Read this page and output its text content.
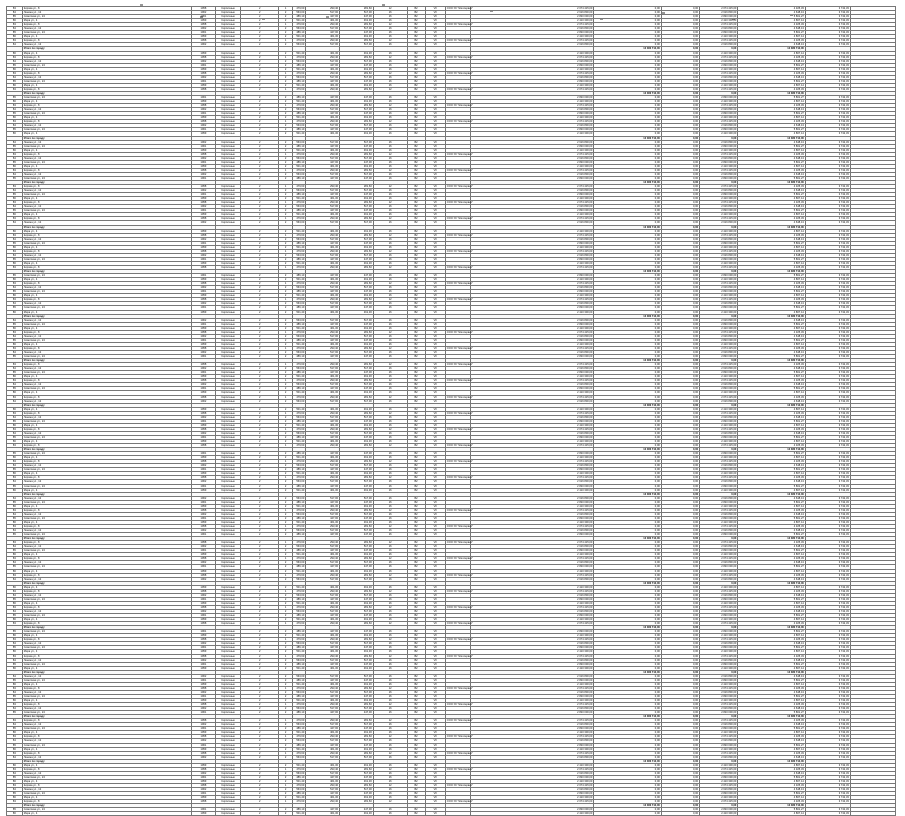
83	Кирова ул., 8	1958	Кирпичные	2	1	479,60	293,40	281,60	12	B2	VII	ООО УК "Жилсервис"	2 074 415,00	0,00	0,00	2 074 415,00	4 325,33	3 742,33	
84	Ленина ул., 12	1962	Кирпичные	2	2	563,00	517,00	517,00	16	B2	VII		2 616 800,00	0,00	0,00	2 616 800,00	4 648,13	3 742,33	
85	Советская ул., 24	1961	Кирпичные	2	2	486,10	447,00	447,00	16	B2	VII		2 820 000,00	0,00	0,00	2 820 000,00	5 801,27	3 742,33	
86	Мира ул., 4	1959	Кирпичные	2	2	501,40	461,30	461,30	16	B2	VII		2 410 300,00	0,00	0,00	2 410 300,00	4 807,14	3 742,33	
83	Кирова ул., 8	1958	Кирпичные	2	1	479,60	293,40	281,60	12	B2	VII	ООО УК "Жилсервис"	2 074 415,00	0,00	0,00	2 074 415,00	4 325,33	3 742,33	
84	Ленина ул., 12	1962	Кирпичные	2	2	563,00	517,00	517,00	16	B2	VII		2 616 800,00	0,00	0,00	2 616 800,00	4 648,13	3 742,33	
85	Советская ул., 24	1961	Кирпичные	2	2	486,10	447,00	447,00	16	B2	VII		2 820 000,00	0,00	0,00	2 820 000,00	5 801,27	3 742,33	
86	Мира ул., 4	1959	Кирпичные	2	2	501,40	461,30	461,30	16	B2	VII		2 410 300,00	0,00	0,00	2 410 300,00	4 807,14	3 742,33	
83	Кирова ул., 8	1958	Кирпичные	2	1	479,60	293,40	281,60	12	B2	VII	ООО УК "Жилсервис"	2 074 415,00	0,00	0,00	2 074 415,00	4 325,33	3 742,33	
84	Ленина ул., 12	1962	Кирпичные	2	2	563,00	517,00	517,00	16	B2	VII		2 616 800,00	0,00	0,00	2 616 800,00	4 648,13	3 742,33	
	Итого по городу													12 380 712,00	0,00	0,00	12 380 712,00		
86	Мира ул., 4	1959	Кирпичные	2	2	501,40	461,30	461,30	16	B2	VII		2 410 300,00	0,00	0,00	2 410 300,00	4 807,14	3 742,33	
83	Кирова ул., 8	1958	Кирпичные	2	1	479,60	293,40	281,60	12	B2	VII	ООО УК "Жилсервис"	2 074 415,00	0,00	0,00	2 074 415,00	4 325,33	3 742,33	
84	Ленина ул., 12	1962	Кирпичные	2	2	563,00	517,00	517,00	16	B2	VII		2 616 800,00	0,00	0,00	2 616 800,00	4 648,13	3 742,33	
85	Советская ул., 24	1961	Кирпичные	2	2	486,10	447,00	447,00	16	B2	VII		2 820 000,00	0,00	0,00	2 820 000,00	5 801,27	3 742,33	
86	Мира ул., 4	1959	Кирпичные	2	2	501,40	461,30	461,30	16	B2	VII		2 410 300,00	0,00	0,00	2 410 300,00	4 807,14	3 742,33	
83	Кирова ул., 8	1958	Кирпичные	2	1	479,60	293,40	281,60	12	B2	VII	ООО УК "Жилсервис"	2 074 415,00	0,00	0,00	2 074 415,00	4 325,33	3 742,33	
84	Ленина ул., 12	1962	Кирпичные	2	2	563,00	517,00	517,00	16	B2	VII		2 616 800,00	0,00	0,00	2 616 800,00	4 648,13	3 742,33	
85	Советская ул., 24	1961	Кирпичные	2	2	486,10	447,00	447,00	16	B2	VII		2 820 000,00	0,00	0,00	2 820 000,00	5 801,27	3 742,33	
86	Мира ул., 4	1959	Кирпичные	2	2	501,40	461,30	461,30	16	B2	VII		2 410 300,00	0,00	0,00	2 410 300,00	4 807,14	3 742,33	
83	Кирова ул., 8	1958	Кирпичные	2	1	479,60	293,40	281,60	12	B2	VII	ООО УК "Жилсервис"	2 074 415,00	0,00	0,00	2 074 415,00	4 325,33	3 742,33	
	Итого по городу													12 380 712,00	0,00	0,00	12 380 712,00		
85	Советская ул., 24	1961	Кирпичные	2	2	486,10	447,00	447,00	16	B2	VII		2 820 000,00	0,00	0,00	2 820 000,00	5 801,27	3 742,33	
86	Мира ул., 4	1959	Кирпичные	2	2	501,40	461,30	461,30	16	B2	VII		2 410 300,00	0,00	0,00	2 410 300,00	4 807,14	3 742,33	
83	Кирова ул., 8	1958	Кирпичные	2	1	479,60	293,40	281,60	12	B2	VII	ООО УК "Жилсервис"	2 074 415,00	0,00	0,00	2 074 415,00	4 325,33	3 742,33	
84	Ленина ул., 12	1962	Кирпичные	2	2	563,00	517,00	517,00	16	B2	VII		2 616 800,00	0,00	0,00	2 616 800,00	4 648,13	3 742,33	
85	Советская ул., 24	1961	Кирпичные	2	2	486,10	447,00	447,00	16	B2	VII		2 820 000,00	0,00	0,00	2 820 000,00	5 801,27	3 742,33	
86	Мира ул., 4	1959	Кирпичные	2	2	501,40	461,30	461,30	16	B2	VII		2 410 300,00	0,00	0,00	2 410 300,00	4 807,14	3 742,33	
83	Кирова ул., 8	1958	Кирпичные	2	1	479,60	293,40	281,60	12	B2	VII	ООО УК "Жилсервис"	2 074 415,00	0,00	0,00	2 074 415,00	4 325,33	3 742,33	
84	Ленина ул., 12	1962	Кирпичные	2	2	563,00	517,00	517,00	16	B2	VII		2 616 800,00	0,00	0,00	2 616 800,00	4 648,13	3 742,33	
85	Советская ул., 24	1961	Кирпичные	2	2	486,10	447,00	447,00	16	B2	VII		2 820 000,00	0,00	0,00	2 820 000,00	5 801,27	3 742,33	
86	Мира ул., 4	1959	Кирпичные	2	2	501,40	461,30	461,30	16	B2	VII		2 410 300,00	0,00	0,00	2 410 300,00	4 807,14	3 742,33	
	Итого по городу													12 380 712,00	0,00	0,00	12 380 712,00		
84	Ленина ул., 12	1962	Кирпичные	2	2	563,00	517,00	517,00	16	B2	VII		2 616 800,00	0,00	0,00	2 616 800,00	4 648,13	3 742,33	
85	Советская ул., 24	1961	Кирпичные	2	2	486,10	447,00	447,00	16	B2	VII		2 820 000,00	0,00	0,00	2 820 000,00	5 801,27	3 742,33	
86	Мира ул., 4	1959	Кирпичные	2	2	501,40	461,30	461,30	16	B2	VII		2 410 300,00	0,00	0,00	2 410 300,00	4 807,14	3 742,33	
83	Кирова ул., 8	1958	Кирпичные	2	1	479,60	293,40	281,60	12	B2	VII	ООО УК "Жилсервис"	2 074 415,00	0,00	0,00	2 074 415,00	4 325,33	3 742,33	
84	Ленина ул., 12	1962	Кирпичные	2	2	563,00	517,00	517,00	16	B2	VII		2 616 800,00	0,00	0,00	2 616 800,00	4 648,13	3 742,33	
85	Советская ул., 24	1961	Кирпичные	2	2	486,10	447,00	447,00	16	B2	VII		2 820 000,00	0,00	0,00	2 820 000,00	5 801,27	3 742,33	
86	Мира ул., 4	1959	Кирпичные	2	2	501,40	461,30	461,30	16	B2	VII		2 410 300,00	0,00	0,00	2 410 300,00	4 807,14	3 742,33	
83	Кирова ул., 8	1958	Кирпичные	2	1	479,60	293,40	281,60	12	B2	VII	ООО УК "Жилсервис"	2 074 415,00	0,00	0,00	2 074 415,00	4 325,33	3 742,33	
84	Ленина ул., 12	1962	Кирпичные	2	2	563,00	517,00	517,00	16	B2	VII		2 616 800,00	0,00	0,00	2 616 800,00	4 648,13	3 742,33	
85	Советская ул., 24	1961	Кирпичные	2	2	486,10	447,00	447,00	16	B2	VII		2 820 000,00	0,00	0,00	2 820 000,00	5 801,27	3 742,33	
	Итого по городу													12 380 712,00	0,00	0,00	12 380 712,00		
83	Кирова ул., 8	1958	Кирпичные	2	1	479,60	293,40	281,60	12	B2	VII	ООО УК "Жилсервис"	2 074 415,00	0,00	0,00	2 074 415,00	4 325,33	3 742,33	
84	Ленина ул., 12	1962	Кирпичные	2	2	563,00	517,00	517,00	16	B2	VII		2 616 800,00	0,00	0,00	2 616 800,00	4 648,13	3 742,33	
85	Советская ул., 24	1961	Кирпичные	2	2	486,10	447,00	447,00	16	B2	VII		2 820 000,00	0,00	0,00	2 820 000,00	5 801,27	3 742,33	
86	Мира ул., 4	1959	Кирпичные	2	2	501,40	461,30	461,30	16	B2	VII		2 410 300,00	0,00	0,00	2 410 300,00	4 807,14	3 742,33	
83	Кирова ул., 8	1958	Кирпичные	2	1	479,60	293,40	281,60	12	B2	VII	ООО УК "Жилсервис"	2 074 415,00	0,00	0,00	2 074 415,00	4 325,33	3 742,33	
84	Ленина ул., 12	1962	Кирпичные	2	2	563,00	517,00	517,00	16	B2	VII		2 616 800,00	0,00	0,00	2 616 800,00	4 648,13	3 742,33	
85	Советская ул., 24	1961	Кирпичные	2	2	486,10	447,00	447,00	16	B2	VII		2 820 000,00	0,00	0,00	2 820 000,00	5 801,27	3 742,33	
86	Мира ул., 4	1959	Кирпичные	2	2	501,40	461,30	461,30	16	B2	VII		2 410 300,00	0,00	0,00	2 410 300,00	4 807,14	3 742,33	
83	Кирова ул., 8	1958	Кирпичные	2	1	479,60	293,40	281,60	12	B2	VII	ООО УК "Жилсервис"	2 074 415,00	0,00	0,00	2 074 415,00	4 325,33	3 742,33	
84	Ленина ул., 12	1962	Кирпичные	2	2	563,00	517,00	517,00	16	B2	VII		2 616 800,00	0,00	0,00	2 616 800,00	4 648,13	3 742,33	
	Итого по городу													12 380 712,00	0,00	0,00	12 380 712,00		
86	Мира ул., 4	1959	Кирпичные	2	2	501,40	461,30	461,30	16	B2	VII		2 410 300,00	0,00	0,00	2 410 300,00	4 807,14	3 742,33	
83	Кирова ул., 8	1958	Кирпичные	2	1	479,60	293,40	281,60	12	B2	VII	ООО УК "Жилсервис"	2 074 415,00	0,00	0,00	2 074 415,00	4 325,33	3 742,33	
84	Ленина ул., 12	1962	Кирпичные	2	2	563,00	517,00	517,00	16	B2	VII		2 616 800,00	0,00	0,00	2 616 800,00	4 648,13	3 742,33	
85	Советская ул., 24	1961	Кирпичные	2	2	486,10	447,00	447,00	16	B2	VII		2 820 000,00	0,00	0,00	2 820 000,00	5 801,27	3 742,33	
86	Мира ул., 4	1959	Кирпичные	2	2	501,40	461,30	461,30	16	B2	VII		2 410 300,00	0,00	0,00	2 410 300,00	4 807,14	3 742,33	
83	Кирова ул., 8	1958	Кирпичные	2	1	479,60	293,40	281,60	12	B2	VII	ООО УК "Жилсервис"	2 074 415,00	0,00	0,00	2 074 415,00	4 325,33	3 742,33	
84	Ленина ул., 12	1962	Кирпичные	2	2	563,00	517,00	517,00	16	B2	VII		2 616 800,00	0,00	0,00	2 616 800,00	4 648,13	3 742,33	
85	Советская ул., 24	1961	Кирпичные	2	2	486,10	447,00	447,00	16	B2	VII		2 820 000,00	0,00	0,00	2 820 000,00	5 801,27	3 742,33	
86	Мира ул., 4	1959	Кирпичные	2	2	501,40	461,30	461,30	16	B2	VII		2 410 300,00	0,00	0,00	2 410 300,00	4 807,14	3 742,33	
83	Кирова ул., 8	1958	Кирпичные	2	1	479,60	293,40	281,60	12	B2	VII	ООО УК "Жилсервис"	2 074 415,00	0,00	0,00	2 074 415,00	4 325,33	3 742,33	
	Итого по городу													12 380 712,00	0,00	0,00	12 380 712,00		
85	Советская ул., 24	1961	Кирпичные	2	2	486,10	447,00	447,00	16	B2	VII		2 820 000,00	0,00	0,00	2 820 000,00	5 801,27	3 742,33	
86	Мира ул., 4	1959	Кирпичные	2	2	501,40	461,30	461,30	16	B2	VII		2 410 300,00	0,00	0,00	2 410 300,00	4 807,14	3 742,33	
83	Кирова ул., 8	1958	Кирпичные	2	1	479,60	293,40	281,60	12	B2	VII	ООО УК "Жилсервис"	2 074 415,00	0,00	0,00	2 074 415,00	4 325,33	3 742,33	
84	Ленина ул., 12	1962	Кирпичные	2	2	563,00	517,00	517,00	16	B2	VII		2 616 800,00	0,00	0,00	2 616 800,00	4 648,13	3 742,33	
85	Советская ул., 24	1961	Кирпичные	2	2	486,10	447,00	447,00	16	B2	VII		2 820 000,00	0,00	0,00	2 820 000,00	5 801,27	3 742,33	
86	Мира ул., 4	1959	Кирпичные	2	2	501,40	461,30	461,30	16	B2	VII		2 410 300,00	0,00	0,00	2 410 300,00	4 807,14	3 742,33	
83	Кирова ул., 8	1958	Кирпичные	2	1	479,60	293,40	281,60	12	B2	VII	ООО УК "Жилсервис"	2 074 415,00	0,00	0,00	2 074 415,00	4 325,33	3 742,33	
84	Ленина ул., 12	1962	Кирпичные	2	2	563,00	517,00	517,00	16	B2	VII		2 616 800,00	0,00	0,00	2 616 800,00	4 648,13	3 742,33	
85	Советская ул., 24	1961	Кирпичные	2	2	486,10	447,00	447,00	16	B2	VII		2 820 000,00	0,00	0,00	2 820 000,00	5 801,27	3 742,33	
86	Мира ул., 4	1959	Кирпичные	2	2	501,40	461,30	461,30	16	B2	VII		2 410 300,00	0,00	0,00	2 410 300,00	4 807,14	3 742,33	
	Итого по городу													12 380 712,00	0,00	0,00	12 380 712,00		
84	Ленина ул., 12	1962	Кирпичные	2	2	563,00	517,00	517,00	16	B2	VII		2 616 800,00	0,00	0,00	2 616 800,00	4 648,13	3 742,33	
85	Советская ул., 24	1961	Кирпичные	2	2	486,10	447,00	447,00	16	B2	VII		2 820 000,00	0,00	0,00	2 820 000,00	5 801,27	3 742,33	
86	Мира ул., 4	1959	Кирпичные	2	2	501,40	461,30	461,30	16	B2	VII		2 410 300,00	0,00	0,00	2 410 300,00	4 807,14	3 742,33	
83	Кирова ул., 8	1958	Кирпичные	2	1	479,60	293,40	281,60	12	B2	VII	ООО УК "Жилсервис"	2 074 415,00	0,00	0,00	2 074 415,00	4 325,33	3 742,33	
84	Ленина ул., 12	1962	Кирпичные	2	2	563,00	517,00	517,00	16	B2	VII		2 616 800,00	0,00	0,00	2 616 800,00	4 648,13	3 742,33	
85	Советская ул., 24	1961	Кирпичные	2	2	486,10	447,00	447,00	16	B2	VII		2 820 000,00	0,00	0,00	2 820 000,00	5 801,27	3 742,33	
86	Мира ул., 4	1959	Кирпичные	2	2	501,40	461,30	461,30	16	B2	VII		2 410 300,00	0,00	0,00	2 410 300,00	4 807,14	3 742,33	
83	Кирова ул., 8	1958	Кирпичные	2	1	479,60	293,40	281,60	12	B2	VII	ООО УК "Жилсервис"	2 074 415,00	0,00	0,00	2 074 415,00	4 325,33	3 742,33	
84	Ленина ул., 12	1962	Кирпичные	2	2	563,00	517,00	517,00	16	B2	VII		2 616 800,00	0,00	0,00	2 616 800,00	4 648,13	3 742,33	
85	Советская ул., 24	1961	Кирпичные	2	2	486,10	447,00	447,00	16	B2	VII		2 820 000,00	0,00	0,00	2 820 000,00	5 801,27	3 742,33	
	Итого по городу													12 380 712,00	0,00	0,00	12 380 712,00		
83	Кирова ул., 8	1958	Кирпичные	2	1	479,60	293,40	281,60	12	B2	VII	ООО УК "Жилсервис"	2 074 415,00	0,00	0,00	2 074 415,00	4 325,33	3 742,33	
84	Ленина ул., 12	1962	Кирпичные	2	2	563,00	517,00	517,00	16	B2	VII		2 616 800,00	0,00	0,00	2 616 800,00	4 648,13	3 742,33	
85	Советская ул., 24	1961	Кирпичные	2	2	486,10	447,00	447,00	16	B2	VII		2 820 000,00	0,00	0,00	2 820 000,00	5 801,27	3 742,33	
86	Мира ул., 4	1959	Кирпичные	2	2	501,40	461,30	461,30	16	B2	VII		2 410 300,00	0,00	0,00	2 410 300,00	4 807,14	3 742,33	
83	Кирова ул., 8	1958	Кирпичные	2	1	479,60	293,40	281,60	12	B2	VII	ООО УК "Жилсервис"	2 074 415,00	0,00	0,00	2 074 415,00	4 325,33	3 742,33	
84	Ленина ул., 12	1962	Кирпичные	2	2	563,00	517,00	517,00	16	B2	VII		2 616 800,00	0,00	0,00	2 616 800,00	4 648,13	3 742,33	
85	Советская ул., 24	1961	Кирпичные	2	2	486,10	447,00	447,00	16	B2	VII		2 820 000,00	0,00	0,00	2 820 000,00	5 801,27	3 742,33	
86	Мира ул., 4	1959	Кирпичные	2	2	501,40	461,30	461,30	16	B2	VII		2 410 300,00	0,00	0,00	2 410 300,00	4 807,14	3 742,33	
83	Кирова ул., 8	1958	Кирпичные	2	1	479,60	293,40	281,60	12	B2	VII	ООО УК "Жилсервис"	2 074 415,00	0,00	0,00	2 074 415,00	4 325,33	3 742,33	
84	Ленина ул., 12	1962	Кирпичные	2	2	563,00	517,00	517,00	16	B2	VII		2 616 800,00	0,00	0,00	2 616 800,00	4 648,13	3 742,33	
	Итого по городу													12 380 712,00	0,00	0,00	12 380 712,00		
86	Мира ул., 4	1959	Кирпичные	2	2	501,40	461,30	461,30	16	B2	VII		2 410 300,00	0,00	0,00	2 410 300,00	4 807,14	3 742,33	
83	Кирова ул., 8	1958	Кирпичные	2	1	479,60	293,40	281,60	12	B2	VII	ООО УК "Жилсервис"	2 074 415,00	0,00	0,00	2 074 415,00	4 325,33	3 742,33	
84	Ленина ул., 12	1962	Кирпичные	2	2	563,00	517,00	517,00	16	B2	VII		2 616 800,00	0,00	0,00	2 616 800,00	4 648,13	3 742,33	
85	Советская ул., 24	1961	Кирпичные	2	2	486,10	447,00	447,00	16	B2	VII		2 820 000,00	0,00	0,00	2 820 000,00	5 801,27	3 742,33	
86	Мира ул., 4	1959	Кирпичные	2	2	501,40	461,30	461,30	16	B2	VII		2 410 300,00	0,00	0,00	2 410 300,00	4 807,14	3 742,33	
83	Кирова ул., 8	1958	Кирпичные	2	1	479,60	293,40	281,60	12	B2	VII	ООО УК "Жилсервис"	2 074 415,00	0,00	0,00	2 074 415,00	4 325,33	3 742,33	
84	Ленина ул., 12	1962	Кирпичные	2	2	563,00	517,00	517,00	16	B2	VII		2 616 800,00	0,00	0,00	2 616 800,00	4 648,13	3 742,33	
85	Советская ул., 24	1961	Кирпичные	2	2	486,10	447,00	447,00	16	B2	VII		2 820 000,00	0,00	0,00	2 820 000,00	5 801,27	3 742,33	
86	Мира ул., 4	1959	Кирпичные	2	2	501,40	461,30	461,30	16	B2	VII		2 410 300,00	0,00	0,00	2 410 300,00	4 807,14	3 742,33	
83	Кирова ул., 8	1958	Кирпичные	2	1	479,60	293,40	281,60	12	B2	VII	ООО УК "Жилсервис"	2 074 415,00	0,00	0,00	2 074 415,00	4 325,33	3 742,33	
	Итого по городу													12 380 712,00	0,00	0,00	12 380 712,00		
85	Советская ул., 24	1961	Кирпичные	2	2	486,10	447,00	447,00	16	B2	VII		2 820 000,00	0,00	0,00	2 820 000,00	5 801,27	3 742,33	
86	Мира ул., 4	1959	Кирпичные	2	2	501,40	461,30	461,30	16	B2	VII		2 410 300,00	0,00	0,00	2 410 300,00	4 807,14	3 742,33	
83	Кирова ул., 8	1958	Кирпичные	2	1	479,60	293,40	281,60	12	B2	VII	ООО УК "Жилсервис"	2 074 415,00	0,00	0,00	2 074 415,00	4 325,33	3 742,33	
84	Ленина ул., 12	1962	Кирпичные	2	2	563,00	517,00	517,00	16	B2	VII		2 616 800,00	0,00	0,00	2 616 800,00	4 648,13	3 742,33	
85	Советская ул., 24	1961	Кирпичные	2	2	486,10	447,00	447,00	16	B2	VII		2 820 000,00	0,00	0,00	2 820 000,00	5 801,27	3 742,33	
86	Мира ул., 4	1959	Кирпичные	2	2	501,40	461,30	461,30	16	B2	VII		2 410 300,00	0,00	0,00	2 410 300,00	4 807,14	3 742,33	
83	Кирова ул., 8	1958	Кирпичные	2	1	479,60	293,40	281,60	12	B2	VII	ООО УК "Жилсервис"	2 074 415,00	0,00	0,00	2 074 415,00	4 325,33	3 742,33	
84	Ленина ул., 12	1962	Кирпичные	2	2	563,00	517,00	517,00	16	B2	VII		2 616 800,00	0,00	0,00	2 616 800,00	4 648,13	3 742,33	
85	Советская ул., 24	1961	Кирпичные	2	2	486,10	447,00	447,00	16	B2	VII		2 820 000,00	0,00	0,00	2 820 000,00	5 801,27	3 742,33	
86	Мира ул., 4	1959	Кирпичные	2	2	501,40	461,30	461,30	16	B2	VII		2 410 300,00	0,00	0,00	2 410 300,00	4 807,14	3 742,33	
	Итого по городу													12 380 712,00	0,00	0,00	12 380 712,00		
84	Ленина ул., 12	1962	Кирпичные	2	2	563,00	517,00	517,00	16	B2	VII		2 616 800,00	0,00	0,00	2 616 800,00	4 648,13	3 742,33	
85	Советская ул., 24	1961	Кирпичные	2	2	486,10	447,00	447,00	16	B2	VII		2 820 000,00	0,00	0,00	2 820 000,00	5 801,27	3 742,33	
86	Мира ул., 4	1959	Кирпичные	2	2	501,40	461,30	461,30	16	B2	VII		2 410 300,00	0,00	0,00	2 410 300,00	4 807,14	3 742,33	
83	Кирова ул., 8	1958	Кирпичные	2	1	479,60	293,40	281,60	12	B2	VII	ООО УК "Жилсервис"	2 074 415,00	0,00	0,00	2 074 415,00	4 325,33	3 742,33	
84	Ленина ул., 12	1962	Кирпичные	2	2	563,00	517,00	517,00	16	B2	VII		2 616 800,00	0,00	0,00	2 616 800,00	4 648,13	3 742,33	
85	Советская ул., 24	1961	Кирпичные	2	2	486,10	447,00	447,00	16	B2	VII		2 820 000,00	0,00	0,00	2 820 000,00	5 801,27	3 742,33	
86	Мира ул., 4	1959	Кирпичные	2	2	501,40	461,30	461,30	16	B2	VII		2 410 300,00	0,00	0,00	2 410 300,00	4 807,14	3 742,33	
83	Кирова ул., 8	1958	Кирпичные	2	1	479,60	293,40	281,60	12	B2	VII	ООО УК "Жилсервис"	2 074 415,00	0,00	0,00	2 074 415,00	4 325,33	3 742,33	
84	Ленина ул., 12	1962	Кирпичные	2	2	563,00	517,00	517,00	16	B2	VII		2 616 800,00	0,00	0,00	2 616 800,00	4 648,13	3 742,33	
85	Советская ул., 24	1961	Кирпичные	2	2	486,10	447,00	447,00	16	B2	VII		2 820 000,00	0,00	0,00	2 820 000,00	5 801,27	3 742,33	
	Итого по городу													12 380 712,00	0,00	0,00	12 380 712,00		
83	Кирова ул., 8	1958	Кирпичные	2	1	479,60	293,40	281,60	12	B2	VII	ООО УК "Жилсервис"	2 074 415,00	0,00	0,00	2 074 415,00	4 325,33	3 742,33	
84	Ленина ул., 12	1962	Кирпичные	2	2	563,00	517,00	517,00	16	B2	VII		2 616 800,00	0,00	0,00	2 616 800,00	4 648,13	3 742,33	
85	Советская ул., 24	1961	Кирпичные	2	2	486,10	447,00	447,00	16	B2	VII		2 820 000,00	0,00	0,00	2 820 000,00	5 801,27	3 742,33	
86	Мира ул., 4	1959	Кирпичные	2	2	501,40	461,30	461,30	16	B2	VII		2 410 300,00	0,00	0,00	2 410 300,00	4 807,14	3 742,33	
83	Кирова ул., 8	1958	Кирпичные	2	1	479,60	293,40	281,60	12	B2	VII	ООО УК "Жилсервис"	2 074 415,00	0,00	0,00	2 074 415,00	4 325,33	3 742,33	
84	Ленина ул., 12	1962	Кирпичные	2	2	563,00	517,00	517,00	16	B2	VII		2 616 800,00	0,00	0,00	2 616 800,00	4 648,13	3 742,33	
85	Советская ул., 24	1961	Кирпичные	2	2	486,10	447,00	447,00	16	B2	VII		2 820 000,00	0,00	0,00	2 820 000,00	5 801,27	3 742,33	
86	Мира ул., 4	1959	Кирпичные	2	2	501,40	461,30	461,30	16	B2	VII		2 410 300,00	0,00	0,00	2 410 300,00	4 807,14	3 742,33	
83	Кирова ул., 8	1958	Кирпичные	2	1	479,60	293,40	281,60	12	B2	VII	ООО УК "Жилсервис"	2 074 415,00	0,00	0,00	2 074 415,00	4 325,33	3 742,33	
84	Ленина ул., 12	1962	Кирпичные	2	2	563,00	517,00	517,00	16	B2	VII		2 616 800,00	0,00	0,00	2 616 800,00	4 648,13	3 742,33	
	Итого по городу													12 380 712,00	0,00	0,00	12 380 712,00		
86	Мира ул., 4	1959	Кирпичные	2	2	501,40	461,30	461,30	16	B2	VII		2 410 300,00	0,00	0,00	2 410 300,00	4 807,14	3 742,33	
83	Кирова ул., 8	1958	Кирпичные	2	1	479,60	293,40	281,60	12	B2	VII	ООО УК "Жилсервис"	2 074 415,00	0,00	0,00	2 074 415,00	4 325,33	3 742,33	
84	Ленина ул., 12	1962	Кирпичные	2	2	563,00	517,00	517,00	16	B2	VII		2 616 800,00	0,00	0,00	2 616 800,00	4 648,13	3 742,33	
85	Советская ул., 24	1961	Кирпичные	2	2	486,10	447,00	447,00	16	B2	VII		2 820 000,00	0,00	0,00	2 820 000,00	5 801,27	3 742,33	
86	Мира ул., 4	1959	Кирпичные	2	2	501,40	461,30	461,30	16	B2	VII		2 410 300,00	0,00	0,00	2 410 300,00	4 807,14	3 742,33	
83	Кирова ул., 8	1958	Кирпичные	2	1	479,60	293,40	281,60	12	B2	VII	ООО УК "Жилсервис"	2 074 415,00	0,00	0,00	2 074 415,00	4 325,33	3 742,33	
84	Ленина ул., 12	1962	Кирпичные	2	2	563,00	517,00	517,00	16	B2	VII		2 616 800,00	0,00	0,00	2 616 800,00	4 648,13	3 742,33	
85	Советская ул., 24	1961	Кирпичные	2	2	486,10	447,00	447,00	16	B2	VII		2 820 000,00	0,00	0,00	2 820 000,00	5 801,27	3 742,33	
86	Мира ул., 4	1959	Кирпичные	2	2	501,40	461,30	461,30	16	B2	VII		2 410 300,00	0,00	0,00	2 410 300,00	4 807,14	3 742,33	
83	Кирова ул., 8	1958	Кирпичные	2	1	479,60	293,40	281,60	12	B2	VII	ООО УК "Жилсервис"	2 074 415,00	0,00	0,00	2 074 415,00	4 325,33	3 742,33	
	Итого по городу													12 380 712,00	0,00	0,00	12 380 712,00		
85	Советская ул., 24	1961	Кирпичные	2	2	486,10	447,00	447,00	16	B2	VII		2 820 000,00	0,00	0,00	2 820 000,00	5 801,27	3 742,33	
86	Мира ул., 4	1959	Кирпичные	2	2	501,40	461,30	461,30	16	B2	VII		2 410 300,00	0,00	0,00	2 410 300,00	4 807,14	3 742,33	
83	Кирова ул., 8	1958	Кирпичные	2	1	479,60	293,40	281,60	12	B2	VII	ООО УК "Жилсервис"	2 074 415,00	0,00	0,00	2 074 415,00	4 325,33	3 742,33	
84	Ленина ул., 12	1962	Кирпичные	2	2	563,00	517,00	517,00	16	B2	VII		2 616 800,00	0,00	0,00	2 616 800,00	4 648,13	3 742,33	
85	Советская ул., 24	1961	Кирпичные	2	2	486,10	447,00	447,00	16	B2	VII		2 820 000,00	0,00	0,00	2 820 000,00	5 801,27	3 742,33	
86	Мира ул., 4	1959	Кирпичные	2	2	501,40	461,30	461,30	16	B2	VII		2 410 300,00	0,00	0,00	2 410 300,00	4 807,14	3 742,33	
83	Кирова ул., 8	1958	Кирпичные	2	1	479,60	293,40	281,60	12	B2	VII	ООО УК "Жилсервис"	2 074 415,00	0,00	0,00	2 074 415,00	4 325,33	3 742,33	
84	Ленина ул., 12	1962	Кирпичные	2	2	563,00	517,00	517,00	16	B2	VII		2 616 800,00	0,00	0,00	2 616 800,00	4 648,13	3 742,33	
85	Советская ул., 24	1961	Кирпичные	2	2	486,10	447,00	447,00	16	B2	VII		2 820 000,00	0,00	0,00	2 820 000,00	5 801,27	3 742,33	
86	Мира ул., 4	1959	Кирпичные	2	2	501,40	461,30	461,30	16	B2	VII		2 410 300,00	0,00	0,00	2 410 300,00	4 807,14	3 742,33	
	Итого по городу													12 380 712,00	0,00	0,00	12 380 712,00		
84	Ленина ул., 12	1962	Кирпичные	2	2	563,00	517,00	517,00	16	B2	VII		2 616 800,00	0,00	0,00	2 616 800,00	4 648,13	3 742,33	
85	Советская ул., 24	1961	Кирпичные	2	2	486,10	447,00	447,00	16	B2	VII		2 820 000,00	0,00	0,00	2 820 000,00	5 801,27	3 742,33	
86	Мира ул., 4	1959	Кирпичные	2	2	501,40	461,30	461,30	16	B2	VII		2 410 300,00	0,00	0,00	2 410 300,00	4 807,14	3 742,33	
83	Кирова ул., 8	1958	Кирпичные	2	1	479,60	293,40	281,60	12	B2	VII	ООО УК "Жилсервис"	2 074 415,00	0,00	0,00	2 074 415,00	4 325,33	3 742,33	
84	Ленина ул., 12	1962	Кирпичные	2	2	563,00	517,00	517,00	16	B2	VII		2 616 800,00	0,00	0,00	2 616 800,00	4 648,13	3 742,33	
85	Советская ул., 24	1961	Кирпичные	2	2	486,10	447,00	447,00	16	B2	VII		2 820 000,00	0,00	0,00	2 820 000,00	5 801,27	3 742,33	
86	Мира ул., 4	1959	Кирпичные	2	2	501,40	461,30	461,30	16	B2	VII		2 410 300,00	0,00	0,00	2 410 300,00	4 807,14	3 742,33	
83	Кирова ул., 8	1958	Кирпичные	2	1	479,60	293,40	281,60	12	B2	VII	ООО УК "Жилсервис"	2 074 415,00	0,00	0,00	2 074 415,00	4 325,33	3 742,33	
84	Ленина ул., 12	1962	Кирпичные	2	2	563,00	517,00	517,00	16	B2	VII		2 616 800,00	0,00	0,00	2 616 800,00	4 648,13	3 742,33	
85	Советская ул., 24	1961	Кирпичные	2	2	486,10	447,00	447,00	16	B2	VII		2 820 000,00	0,00	0,00	2 820 000,00	5 801,27	3 742,33	
	Итого по городу													12 380 712,00	0,00	0,00	12 380 712,00		
83	Кирова ул., 8	1958	Кирпичные	2	1	479,60	293,40	281,60	12	B2	VII	ООО УК "Жилсервис"	2 074 415,00	0,00	0,00	2 074 415,00	4 325,33	3 742,33	
84	Ленина ул., 12	1962	Кирпичные	2	2	563,00	517,00	517,00	16	B2	VII		2 616 800,00	0,00	0,00	2 616 800,00	4 648,13	3 742,33	
85	Советская ул., 24	1961	Кирпичные	2	2	486,10	447,00	447,00	16	B2	VII		2 820 000,00	0,00	0,00	2 820 000,00	5 801,27	3 742,33	
86	Мира ул., 4	1959	Кирпичные	2	2	501,40	461,30	461,30	16	B2	VII		2 410 300,00	0,00	0,00	2 410 300,00	4 807,14	3 742,33	
83	Кирова ул., 8	1958	Кирпичные	2	1	479,60	293,40	281,60	12	B2	VII	ООО УК "Жилсервис"	2 074 415,00	0,00	0,00	2 074 415,00	4 325,33	3 742,33	
84	Ленина ул., 12	1962	Кирпичные	2	2	563,00	517,00	517,00	16	B2	VII		2 616 800,00	0,00	0,00	2 616 800,00	4 648,13	3 742,33	
85	Советская ул., 24	1961	Кирпичные	2	2	486,10	447,00	447,00	16	B2	VII		2 820 000,00	0,00	0,00	2 820 000,00	5 801,27	3 742,33	
86	Мира ул., 4	1959	Кирпичные	2	2	501,40	461,30	461,30	16	B2	VII		2 410 300,00	0,00	0,00	2 410 300,00	4 807,14	3 742,33	
83	Кирова ул., 8	1958	Кирпичные	2	1	479,60	293,40	281,60	12	B2	VII	ООО УК "Жилсервис"	2 074 415,00	0,00	0,00	2 074 415,00	4 325,33	3 742,33	
84	Ленина ул., 12	1962	Кирпичные	2	2	563,00	517,00	517,00	16	B2	VII		2 616 800,00	0,00	0,00	2 616 800,00	4 648,13	3 742,33	
	Итого по городу													12 380 712,00	0,00	0,00	12 380 712,00		
86	Мира ул., 4	1959	Кирпичные	2	2	501,40	461,30	461,30	16	B2	VII		2 410 300,00	0,00	0,00	2 410 300,00	4 807,14	3 742,33	
83	Кирова ул., 8	1958	Кирпичные	2	1	479,60	293,40	281,60	12	B2	VII	ООО УК "Жилсервис"	2 074 415,00	0,00	0,00	2 074 415,00	4 325,33	3 742,33	
84	Ленина ул., 12	1962	Кирпичные	2	2	563,00	517,00	517,00	16	B2	VII		2 616 800,00	0,00	0,00	2 616 800,00	4 648,13	3 742,33	
85	Советская ул., 24	1961	Кирпичные	2	2	486,10	447,00	447,00	16	B2	VII		2 820 000,00	0,00	0,00	2 820 000,00	5 801,27	3 742,33	
86	Мира ул., 4	1959	Кирпичные	2	2	501,40	461,30	461,30	16	B2	VII		2 410 300,00	0,00	0,00	2 410 300,00	4 807,14	3 742,33	
83	Кирова ул., 8	1958	Кирпичные	2	1	479,60	293,40	281,60	12	B2	VII	ООО УК "Жилсервис"	2 074 415,00	0,00	0,00	2 074 415,00	4 325,33	3 742,33	
84	Ленина ул., 12	1962	Кирпичные	2	2	563,00	517,00	517,00	16	B2	VII		2 616 800,00	0,00	0,00	2 616 800,00	4 648,13	3 742,33	
85	Советская ул., 24	1961	Кирпичные	2	2	486,10	447,00	447,00	16	B2	VII		2 820 000,00	0,00	0,00	2 820 000,00	5 801,27	3 742,33	
86	Мира ул., 4	1959	Кирпичные	2	2	501,40	461,30	461,30	16	B2	VII		2 410 300,00	0,00	0,00	2 410 300,00	4 807,14	3 742,33	
83	Кирова ул., 8	1958	Кирпичные	2	1	479,60	293,40	281,60	12	B2	VII	ООО УК "Жилсервис"	2 074 415,00	0,00	0,00	2 074 415,00	4 325,33	3 742,33	
	Итого по городу													12 380 712,00	0,00	0,00	12 380 712,00		
85	Советская ул., 24	1961	Кирпичные	2	2	486,10	447,00	447,00	16	B2	VII		2 820 000,00	0,00	0,00	2 820 000,00	5 801,27	3 742,33	
86	Мира ул., 4	1959	Кирпичные	2	2	501,40	461,30	461,30	16	B2	VII		2 410 300,00	0,00	0,00	2 410 300,00	4 807,14	3 742,33	
